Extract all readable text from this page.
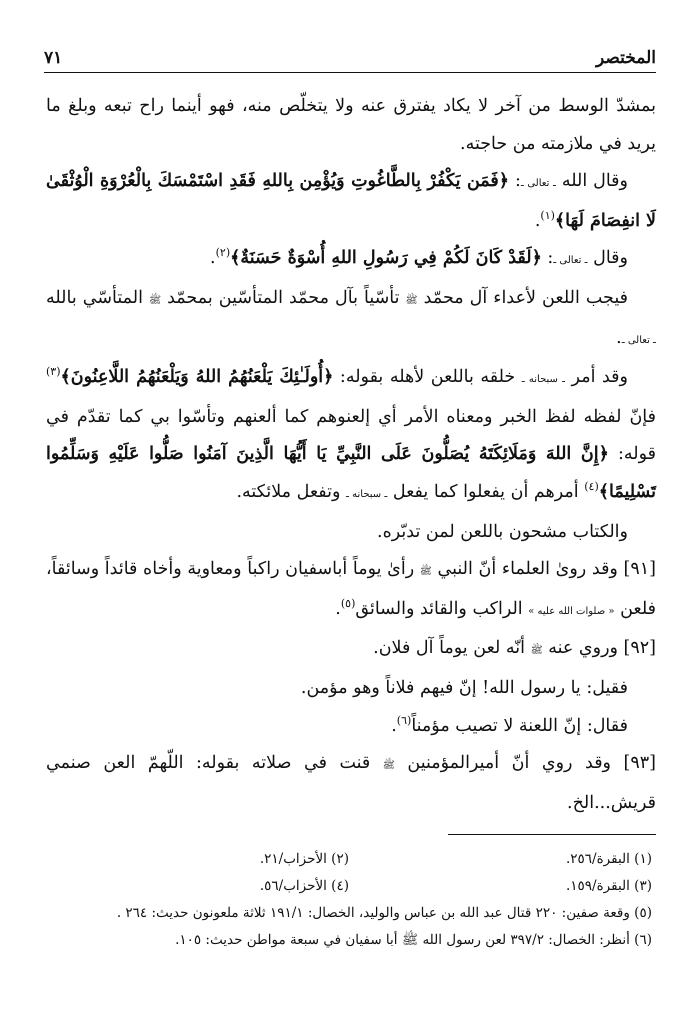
المختصر
٧١

بمشدّ الوسط من آخر لا يكاد يفترق عنه ولا يتخلّص منه، فهو أينما راح تبعه وبلغ ما يريد في ملازمته من حاجته.

وقال الله ـ تعالى ـ: ﴿فَمَن يَكْفُرْ بِالطَّاغُوتِ وَيُؤْمِن بِاللهِ فَقَدِ اسْتَمْسَكَ بِالْعُرْوَةِ الْوُثْقَىٰ لَا انفِصَامَ لَهَا﴾$^{(١)}$.

وقال ـ تعالى ـ: ﴿لَقَدْ كَانَ لَكُمْ فِي رَسُولِ اللهِ أُسْوَةٌ حَسَنَةٌ﴾$^{(٢)}$.

فيجب اللعن لأعداء آل محمّد ﷺ تأسّياً بآل محمّد المتأسّين بمحمّد ﷺ المتأسّي بالله ـ تعالى ـ.

وقد أمر ـ سبحانه ـ خلقه باللعن لأهله بقوله: ﴿أُولَـٰئِكَ يَلْعَنُهُمُ اللهُ وَيَلْعَنُهُمُ اللَّاعِنُونَ﴾$^{(٣)}$ فإنّ لفظه لفظ الخبر ومعناه الأمر أي إلعنوهم كما ألعنهم وتأسّوا بي كما تقدّم في قوله: ﴿إِنَّ اللهَ وَمَلَائِكَتَهُ يُصَلُّونَ عَلَى النَّبِيِّ يَا أَيُّهَا الَّذِينَ آمَنُوا صَلُّوا عَلَيْهِ وَسَلِّمُوا تَسْلِيمًا﴾$^{(٤)}$ أمرهم أن يفعلوا كما يفعل ـ سبحانه ـ وتفعل ملائكته.

والكتاب مشحون باللعن لمن تدبّره.

[٩١] وقد روىٰ العلماء أنّ النبي ﷺ رأىٰ يوماً أباسفيان راكباً ومعاوية وأخاه قائداً وسائقاً، فلعن « صلوات الله عليه » الراكب والقائد والسائق$^{(٥)}$.

[٩٢] وروي عنه ﷺ أنّه لعن يوماً آل فلان.

فقيل: يا رسول الله! إنّ فيهم فلاناً وهو مؤمن.

فقال: إنّ اللعنة لا تصيب مؤمناً$^{(٦)}$.

[٩٣] وقد روي أنّ أميرالمؤمنين ﷺ قنت في صلاته بقوله: اللّهمّ العن صنمي قريش...الخ.

(١) البقرة/٢٥٦.
(٢) الأحزاب/٢١.
(٣) البقرة/١٥٩.
(٤) الأحزاب/٥٦.
(٥) وقعة صفين: ٢٢٠ قتال عبد الله بن عباس والوليد، الخصال: ١٩١/١ ثلاثة ملعونون حديث: ٢٦٤ .
(٦) أنظر: الخصال: ٣٩٧/٢ لعن رسول الله ﷺ أبا سفيان في سبعة مواطن حديث: ١٠٥.
